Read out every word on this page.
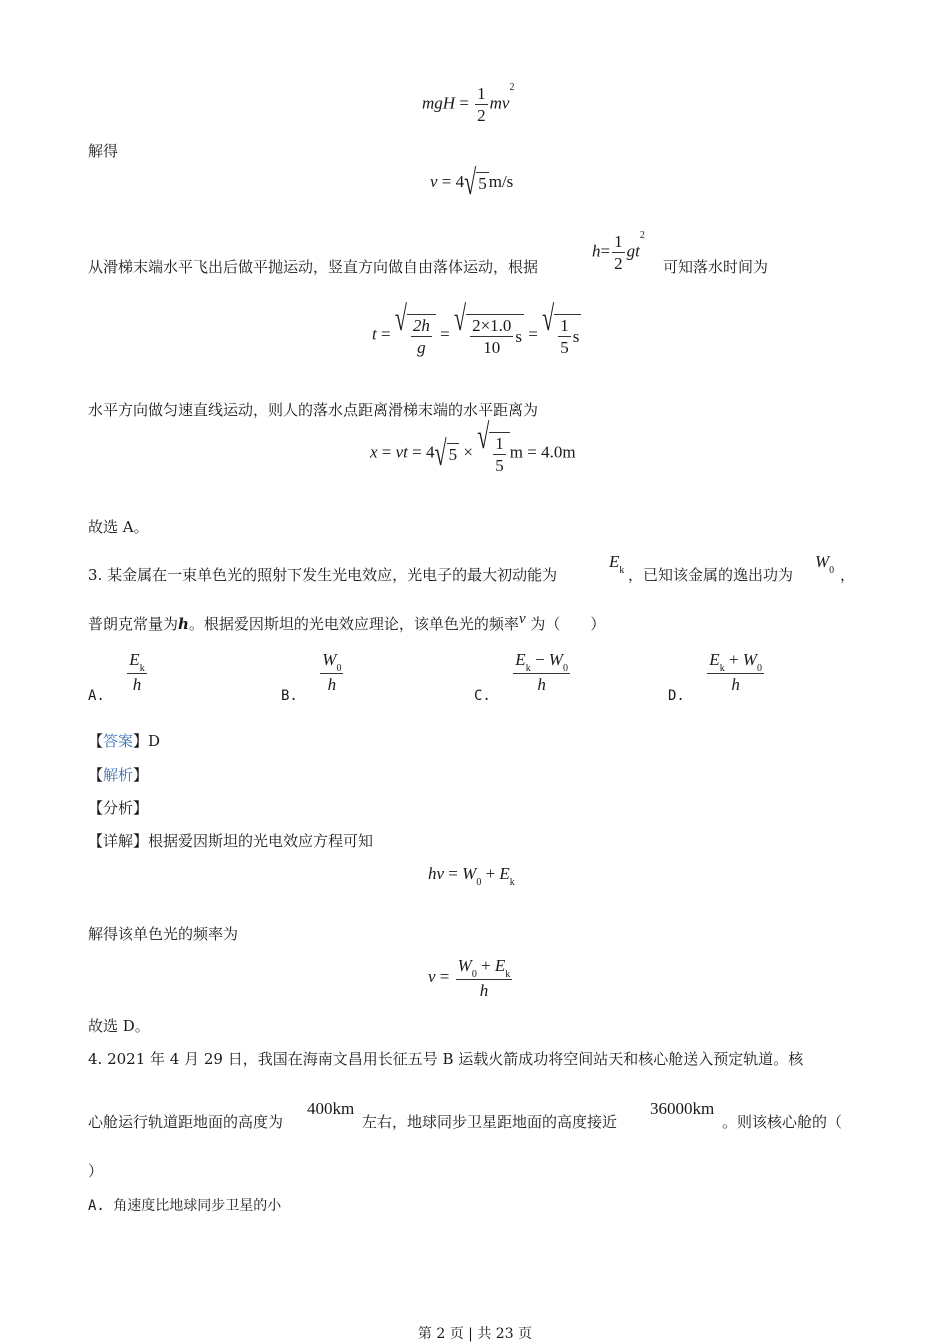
mgH = $\frac{1}{2} mv^2$
解得
v = 4 √ 5 m/s
从滑梯末端水平飞出后做平抛运动，竖直方向做自由落体运动，根据
$h= \frac{1}{2} gt^2$
可知落水时间为
t = √ $\frac{2h}{g}$ = √ $\frac{2\times 1.0}{10}$ s = √ $\frac{1}{5}$ s
水平方向做匀速直线运动，则人的落水点距离滑梯末端的水平距离为
x = vt = 4 √ 5 × √ $\frac{1}{5}$ m = 4.0m
故选 A。
3. 某金属在一束单色光的照射下发生光电效应，光电子的最大初动能为
$E_k$ ，已知该金属的逸出功为
$W_0$ ，
普朗克常量为h。根据爱因斯坦的光电效应理论，该单色光的频率ν 为（　　）
A.
$\frac{E_k}{h}$
B.
$\frac{W_0}{h}$
C.
$\frac{E_k - W_0}{h}$
D.
$\frac{E_k + W_0}{h}$
【答案】D
【解析】
【分析】
【详解】根据爱因斯坦的光电效应方程可知
$h\nu = W_0 + E_k$
解得该单色光的频率为
$\nu = \frac{W_0 + E_k}{h}$
故选 D。
4. 2021 年 4 月 29 日，我国在海南文昌用长征五号 B 运载火箭成功将空间站天和核心舱送入预定轨道。核
心舱运行轨道距地面的高度为
400km
左右，地球同步卫星距地面的高度接近
36000km
。则该核心舱的（
）
A. 角速度比地球同步卫星的小
第 2 页 | 共 23 页
